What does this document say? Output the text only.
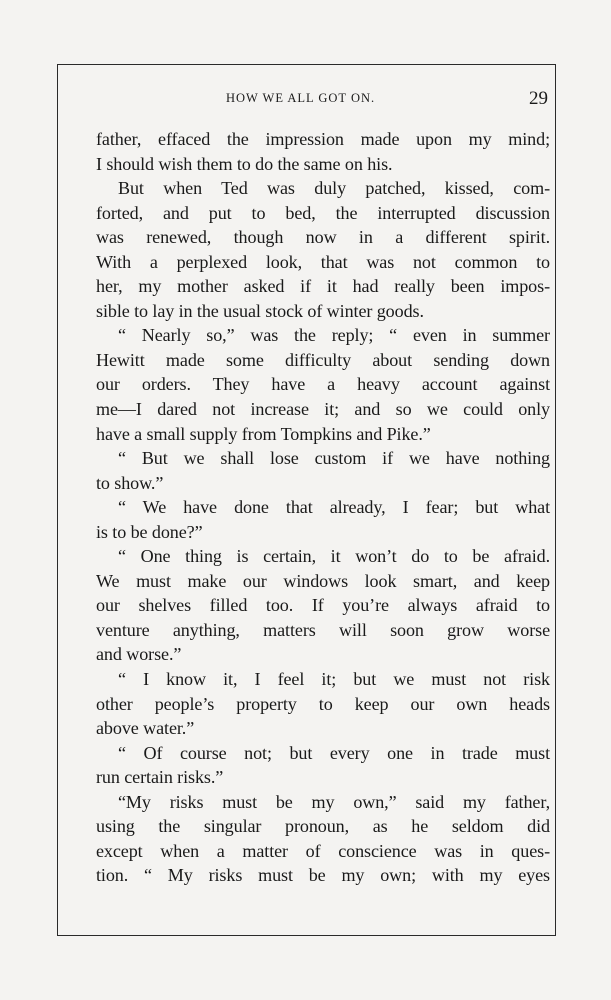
HOW WE ALL GOT ON.	29
father, effaced the impression made upon my mind;
I should wish them to do the same on his.
But when Ted was duly patched, kissed, com-
forted, and put to bed, the interrupted discussion
was renewed, though now in a different spirit.
With a perplexed look, that was not common to
her, my mother asked if it had really been impos-
sible to lay in the usual stock of winter goods.
“ Nearly so,” was the reply; “ even in summer
Hewitt made some difficulty about sending down
our orders. They have a heavy account against
me—I dared not increase it; and so we could only
have a small supply from Tompkins and Pike.”
“ But we shall lose custom if we have nothing
to show.”
“ We have done that already, I fear; but what
is to be done?”
“ One thing is certain, it won’t do to be afraid.
We must make our windows look smart, and keep
our shelves filled too. If you’re always afraid to
venture anything, matters will soon grow worse
and worse.”
“ I know it, I feel it; but we must not risk
other people’s property to keep our own heads
above water.”
“ Of course not; but every one in trade must
run certain risks.”
“My risks must be my own,” said my father,
using the singular pronoun, as he seldom did
except when a matter of conscience was in ques-
tion. “ My risks must be my own; with my eyes
